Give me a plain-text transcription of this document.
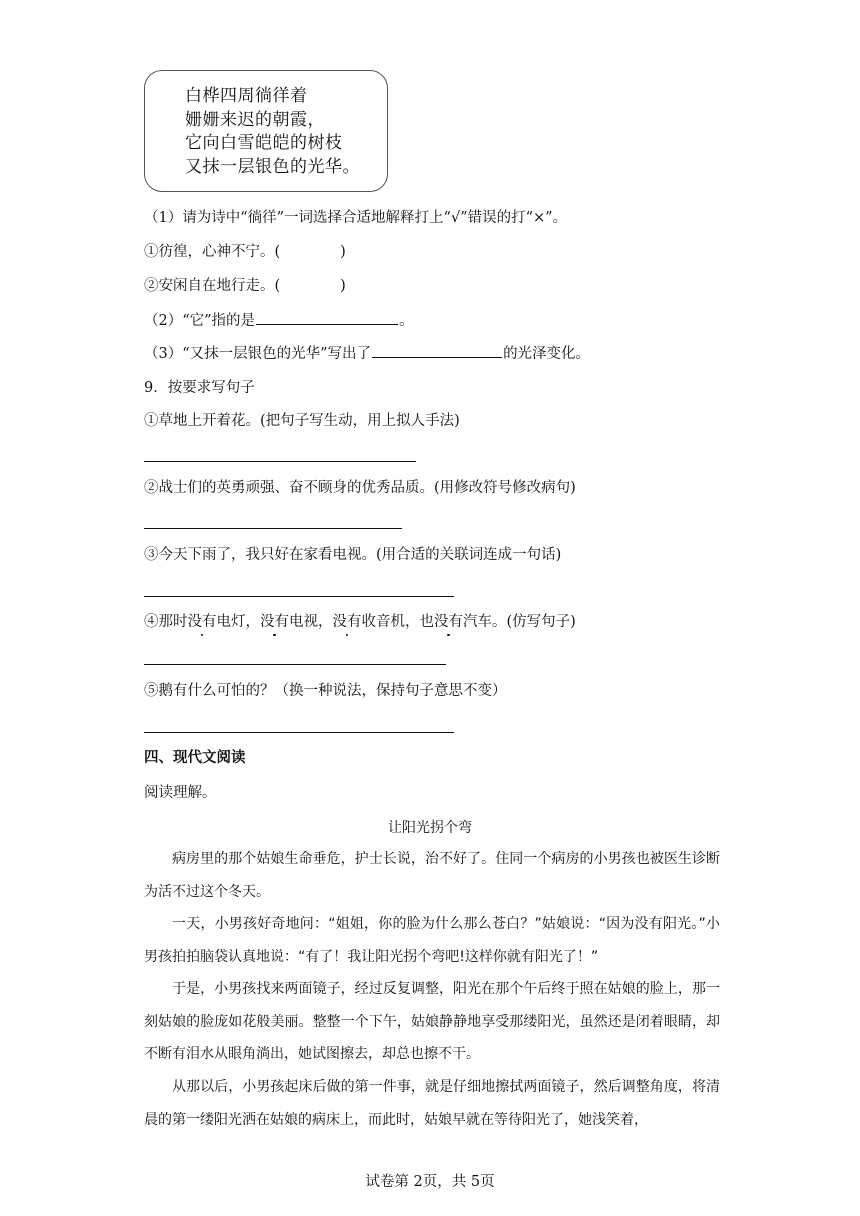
白桦四周徜徉着
姗姗来迟的朝霞，
它向白雪皑皑的树枝
又抹一层银色的光华。
（1）请为诗中“徜徉”一词选择合适地解释打上“√”错误的打“×”。
①彷徨，心神不宁。(	)
②安闲自在地行走。(	)
（2）“它”指的是	。
（3）“又抹一层银色的光华”写出了	的光泽变化。
9．按要求写句子
①草地上开着花。(把句子写生动，用上拟人手法)
②战士们的英勇顽强、奋不顾身的优秀品质。(用修改符号修改病句)
③今天下雨了，我只好在家看电视。(用合适的关联词连成一句话)
④那时没有电灯，没有电视，没有收音机，也没有汽车。(仿写句子)
⑤鹅有什么可怕的？（换一种说法，保持句子意思不变）
四、现代文阅读
阅读理解。
让阳光拐个弯
病房里的那个姑娘生命垂危，护士长说，治不好了。住同一个病房的小男孩也被医生诊断为活不过这个冬天。
一天，小男孩好奇地问：“姐姐，你的脸为什么那么苍白？”姑娘说：“因为没有阳光。”小男孩拍拍脑袋认真地说：“有了！我让阳光拐个弯吧!这样你就有阳光了！”
于是，小男孩找来两面镜子，经过反复调整，阳光在那个午后终于照在姑娘的脸上，那一刻姑娘的脸庞如花般美丽。整整一个下午，姑娘静静地享受那缕阳光，虽然还是闭着眼睛，却不断有泪水从眼角淌出，她试图擦去，却总也擦不干。
从那以后，小男孩起床后做的第一件事，就是仔细地擦拭两面镜子，然后调整角度，将清晨的第一缕阳光洒在姑娘的病床上，而此时，姑娘早就在等待阳光了，她浅笑着，
试卷第 2页，共 5页
